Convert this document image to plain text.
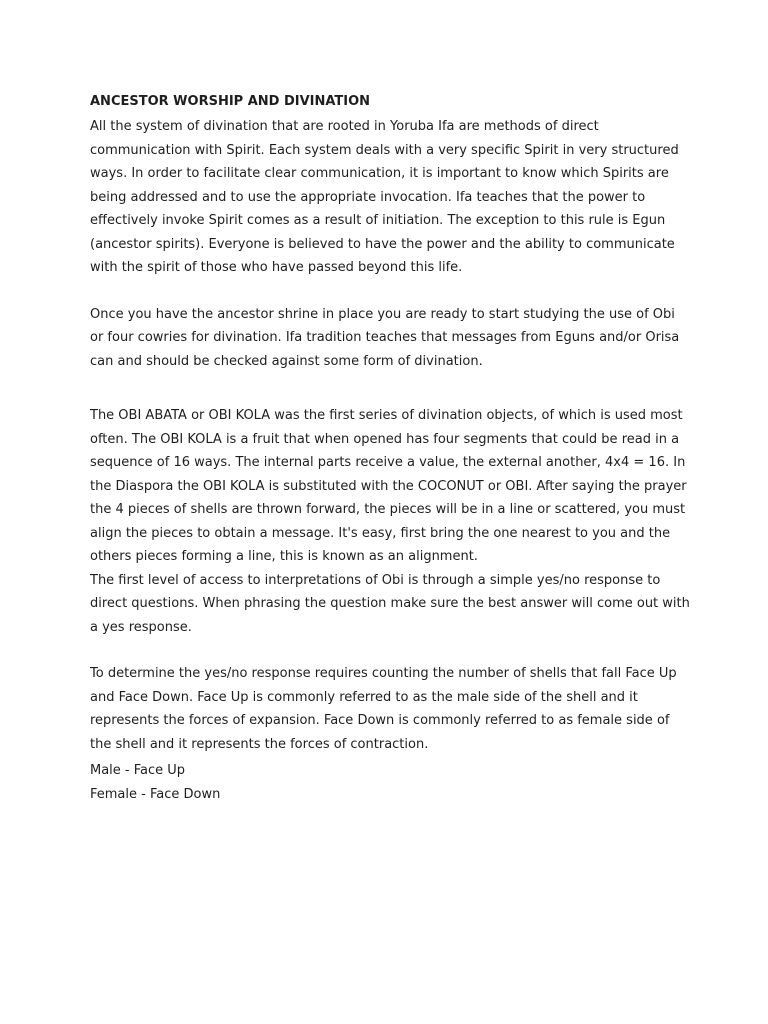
ANCESTOR WORSHIP AND DIVINATION

All the system of divination that are rooted in Yoruba Ifa are methods of direct communication with Spirit. Each system deals with a very specific Spirit in very structured ways. In order to facilitate clear communication, it is important to know which Spirits are being addressed and to use the appropriate invocation. Ifa teaches that the power to effectively invoke Spirit comes as a result of initiation. The exception to this rule is Egun (ancestor spirits). Everyone is believed to have the power and the ability to communicate with the spirit of those who have passed beyond this life.

Once you have the ancestor shrine in place you are ready to start studying the use of Obi or four cowries for divination. Ifa tradition teaches that messages from Eguns and/or Orisa can and should be checked against some form of divination.

The OBI ABATA or OBI KOLA was the first series of divination objects, of which is used most often. The OBI KOLA is a fruit that when opened has four segments that could be read in a sequence of 16 ways. The internal parts receive a value, the external another, 4x4 = 16. In the Diaspora the OBI KOLA is substituted with the COCONUT or OBI. After saying the prayer the 4 pieces of shells are thrown forward, the pieces will be in a line or scattered, you must align the pieces to obtain a message. It's easy, first bring the one nearest to you and the others pieces forming a line, this is known as an alignment.

The first level of access to interpretations of Obi is through a simple yes/no response to direct questions. When phrasing the question make sure the best answer will come out with a yes response.

To determine the yes/no response requires counting the number of shells that fall Face Up and Face Down. Face Up is commonly referred to as the male side of the shell and it represents the forces of expansion. Face Down is commonly referred to as female side of the shell and it represents the forces of contraction.

Male - Face Up

Female - Face Down
